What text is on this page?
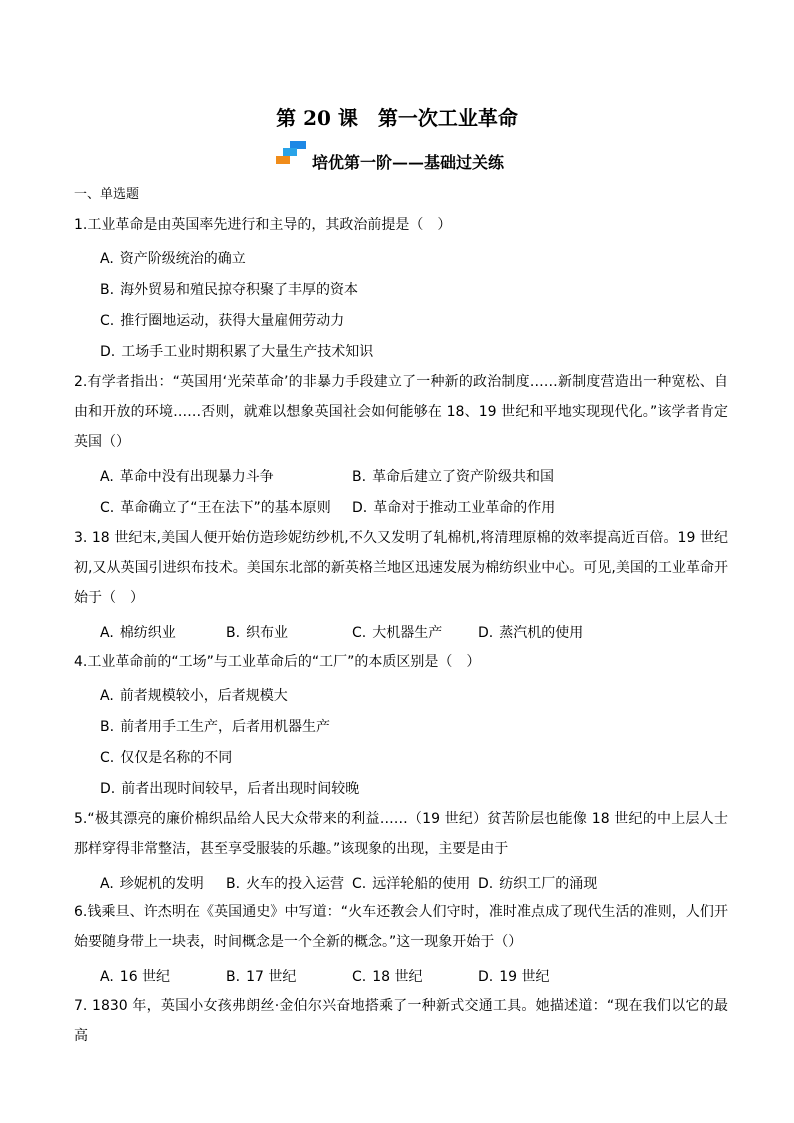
第 20 课　第一次工业革命
培优第一阶——基础过关练
一、单选题

1.工业革命是由英国率先进行和主导的，其政治前提是（　）

A. 资产阶级统治的确立
B. 海外贸易和殖民掠夺积聚了丰厚的资本
C. 推行圈地运动，获得大量雇佣劳动力
D. 工场手工业时期积累了大量生产技术知识

2.有学者指出：“英国用‘光荣革命’的非暴力手段建立了一种新的政治制度……新制度营造出一种宽松、自由和开放的环境……否则，就难以想象英国社会如何能够在 18、19 世纪和平地实现现代化。”该学者肯定英国（）

A. 革命中没有出现暴力斗争	B. 革命后建立了资产阶级共和国
C. 革命确立了“王在法下”的基本原则 D. 革命对于推动工业革命的作用

3. 18 世纪末,美国人便开始仿造珍妮纺纱机,不久又发明了轧棉机,将清理原棉的效率提高近百倍。19 世纪初,又从英国引进织布技术。美国东北部的新英格兰地区迅速发展为棉纺织业中心。可见,美国的工业革命开始于（　）

A. 棉纺织业	B. 织布业	C. 大机器生产	D. 蒸汽机的使用

4.工业革命前的“工场”与工业革命后的“工厂”的本质区别是（　）

A. 前者规模较小，后者规模大
B. 前者用手工生产，后者用机器生产
C. 仅仅是名称的不同
D. 前者出现时间较早，后者出现时间较晚

5.“极其漂亮的廉价棉织品给人民大众带来的利益……（19 世纪）贫苦阶层也能像 18 世纪的中上层人士那样穿得非常整洁，甚至享受服装的乐趣。”该现象的出现，主要是由于

A. 珍妮机的发明 B. 火车的投入运营 C. 远洋轮船的使用 D. 纺织工厂的涌现

6.钱乘旦、许杰明在《英国通史》中写道：“火车还教会人们守时，准时准点成了现代生活的准则，人们开始要随身带上一块表，时间概念是一个全新的概念。”这一现象开始于（）

A. 16 世纪	B. 17 世纪	C. 18 世纪	D. 19 世纪

7. 1830 年，英国小女孩弗朗丝·金伯尔兴奋地搭乘了一种新式交通工具。她描述道：“现在我们以它的最高
